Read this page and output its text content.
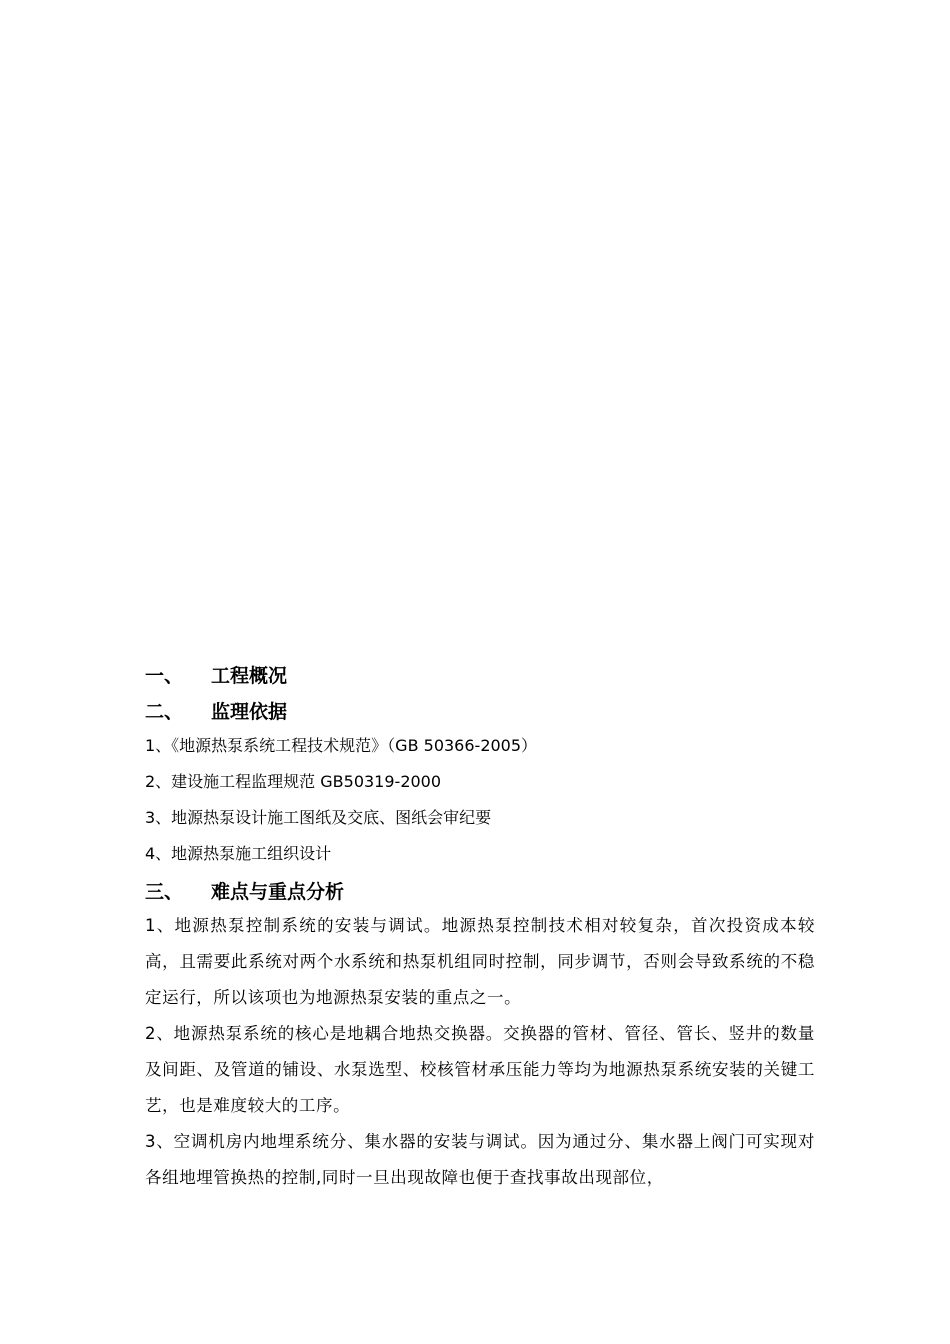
一、	工程概况
二、	监理依据
1、《地源热泵系统工程技术规范》（GB 50366-2005）
2、建设施工程监理规范 GB50319-2000
3、地源热泵设计施工图纸及交底、图纸会审纪要
4、地源热泵施工组织设计
三、	难点与重点分析

1、地源热泵控制系统的安装与调试。地源热泵控制技术相对较复杂，首次投资成本较高，且需要此系统对两个水系统和热泵机组同时控制，同步调节，否则会导致系统的不稳定运行，所以该项也为地源热泵安装的重点之一。

2、地源热泵系统的核心是地耦合地热交换器。交换器的管材、管径、管长、竖井的数量及间距、及管道的铺设、水泵选型、校核管材承压能力等均为地源热泵系统安装的关键工艺，也是难度较大的工序。

3、空调机房内地埋系统分、集水器的安装与调试。因为通过分、集水器上阀门可实现对各组地埋管换热的控制,同时一旦出现故障也便于查找事故出现部位，
